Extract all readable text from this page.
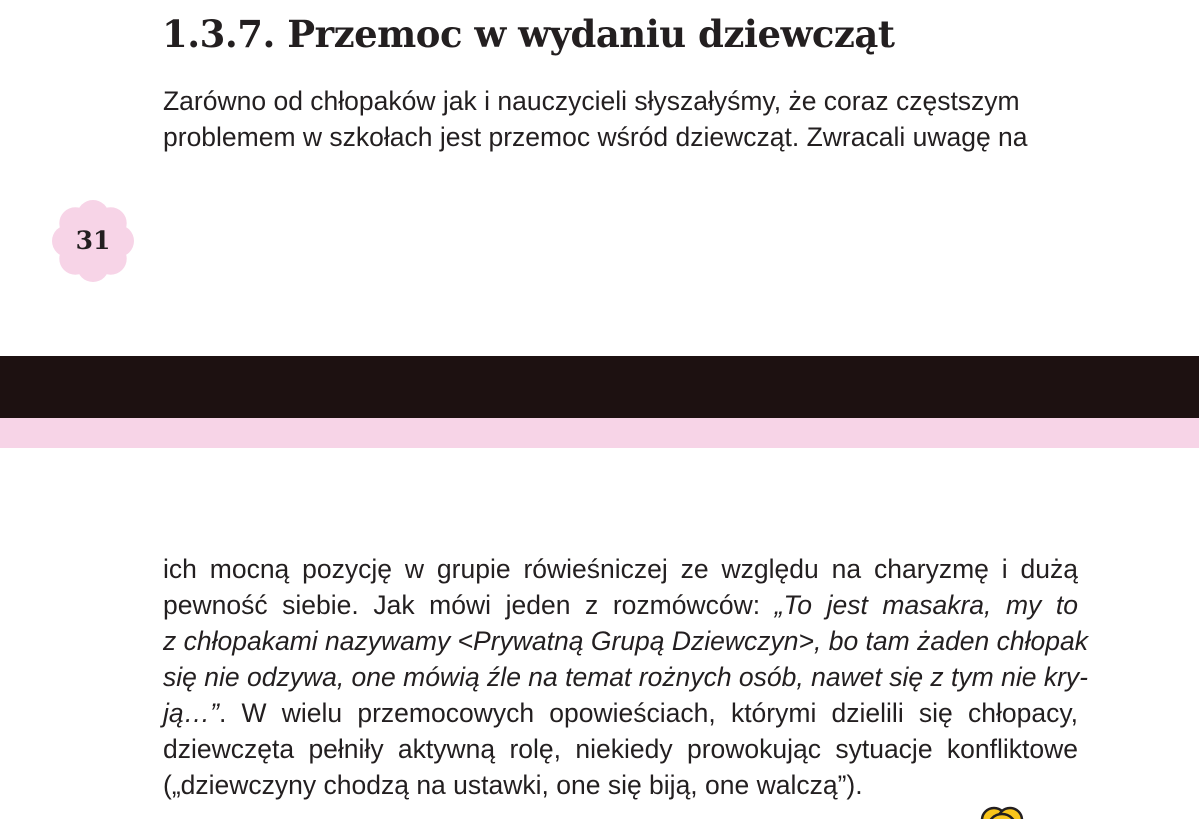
1.3.7. Przemoc w wydaniu dziewcząt

Zarówno od chłopaków jak i nauczycieli słyszałyśmy, że coraz częstszym
problemem w szkołach jest przemoc wśród dziewcząt. Zwracali uwagę na

31

ich mocną pozycję w grupie rówieśniczej ze względu na charyzmę i dużą
pewność siebie. Jak mówi jeden z rozmówców: „To jest masakra, my to
z chłopakami nazywamy <Prywatną Grupą Dziewczyn>, bo tam żaden chłopak
się nie odzywa, one mówią źle na temat rożnych osób, nawet się z tym nie kry-
ją…”. W wielu przemocowych opowieściach, którymi dzielili się chłopacy,
dziewczęta pełniły aktywną rolę, niekiedy prowokując sytuacje konfliktowe
(„dziewczyny chodzą na ustawki, one się biją, one walczą”).
